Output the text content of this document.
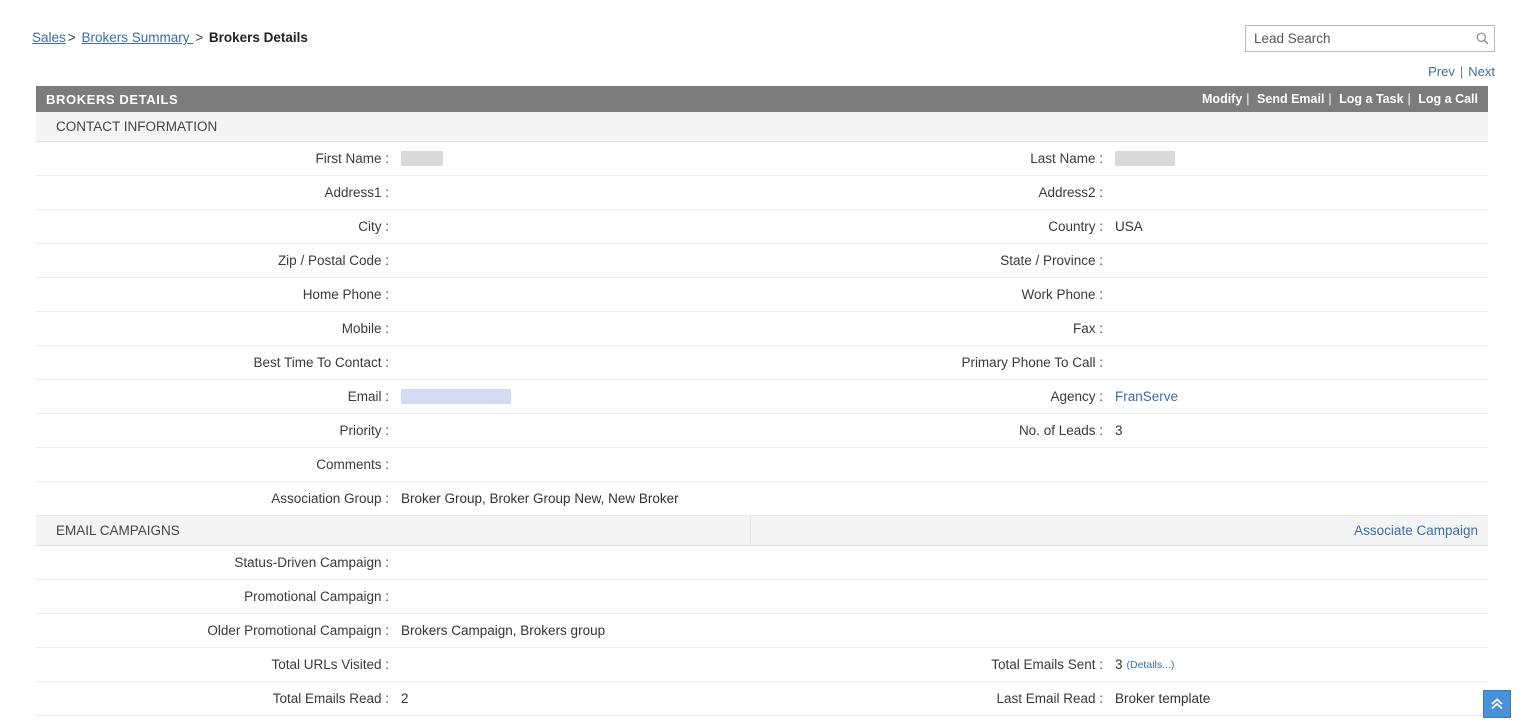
Sales > Brokers Summary > Brokers Details
Lead Search
Prev | Next
BROKERS DETAILS	Modify | Send Email | Log a Task | Log a Call
CONTACT INFORMATION
First Name :	Last Name :
Address1 :	Address2 :
City :	Country : USA
Zip / Postal Code :	State / Province :
Home Phone :	Work Phone :
Mobile :	Fax :
Best Time To Contact :	Primary Phone To Call :
Email :	Agency : FranServe
Priority :	No. of Leads : 3
Comments :
Association Group : Broker Group, Broker Group New, New Broker
EMAIL CAMPAIGNS	Associate Campaign
Status-Driven Campaign :
Promotional Campaign :
Older Promotional Campaign : Brokers Campaign, Brokers group
Total URLs Visited :	Total Emails Sent : 3 (Details...)
Total Emails Read : 2	Last Email Read : Broker template
